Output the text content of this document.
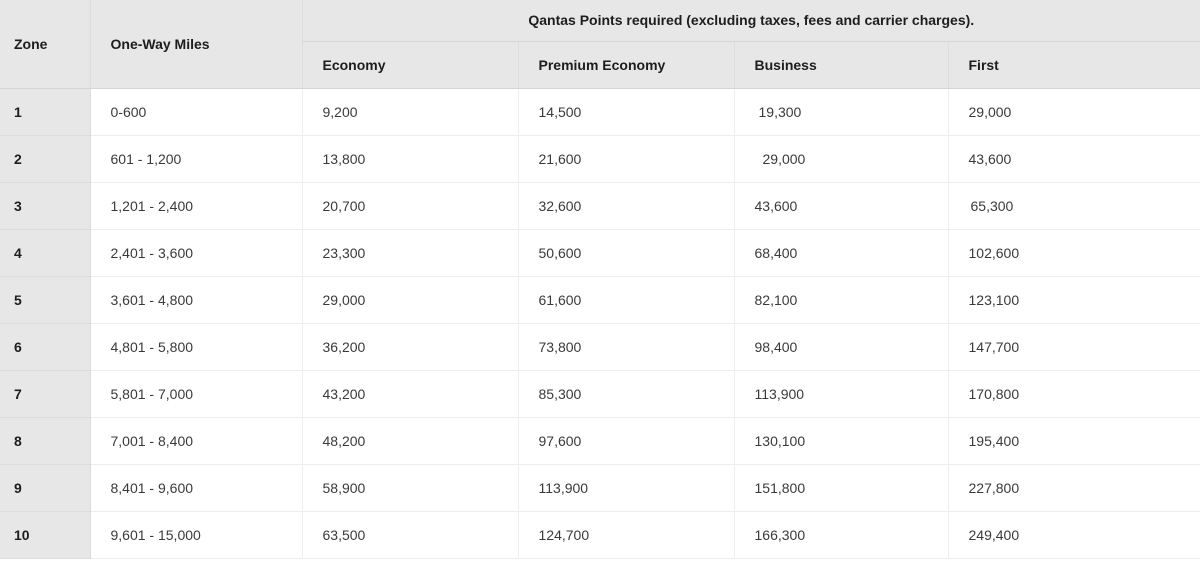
Zone	One-Way Miles	Qantas Points required (excluding taxes, fees and carrier charges).			
		Economy	Premium Economy	Business	First
1	0-600	9,200	14,500	19,300	29,000
2	601 - 1,200	13,800	21,600	29,000	43,600
3	1,201 - 2,400	20,700	32,600	43,600	65,300
4	2,401 - 3,600	23,300	50,600	68,400	102,600
5	3,601 - 4,800	29,000	61,600	82,100	123,100
6	4,801 - 5,800	36,200	73,800	98,400	147,700
7	5,801 - 7,000	43,200	85,300	113,900	170,800
8	7,001 - 8,400	48,200	97,600	130,100	195,400
9	8,401 - 9,600	58,900	113,900	151,800	227,800
10	9,601 - 15,000	63,500	124,700	166,300	249,400
